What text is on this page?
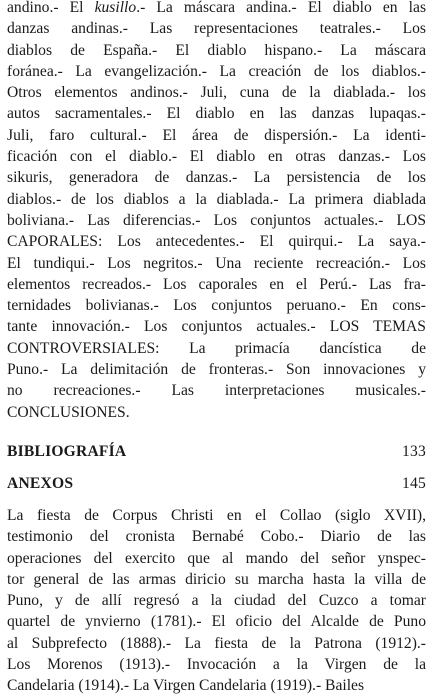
andino.- El kusillo.- La máscara andina.- El diablo en las
danzas andinas.- Las representaciones teatrales.- Los
diablos de España.- El diablo hispano.- La máscara
foránea.- La evangelización.- La creación de los diablos.-
Otros elementos andinos.- Juli, cuna de la diablada.- los
autos sacramentales.- El diablo en las danzas lupaqas.-
Juli, faro cultural.- El área de dispersión.- La identi-
ficación con el diablo.- El diablo en otras danzas.- Los
sikuris, generadora de danzas.- La persistencia de los
diablos.- de los diablos a la diablada.- La primera diablada
boliviana.- Las diferencias.- Los conjuntos actuales.- LOS
CAPORALES: Los antecedentes.- El quirqui.- La saya.-
El tundiqui.- Los negritos.- Una reciente recreación.- Los
elementos recreados.- Los caporales en el Perú.- Las fra-
ternidades bolivianas.- Los conjuntos peruano.- En cons-
tante innovación.- Los conjuntos actuales.- LOS TEMAS
CONTROVERSIALES: La primacía dancística de
Puno.- La delimitación de fronteras.- Son innovaciones y
no recreaciones.- Las interpretaciones musicales.-
CONCLUSIONES.
BIBLIOGRAFÍA	133
ANEXOS	145
La fiesta de Corpus Christi en el Collao (siglo XVII),
testimonio del cronista Bernabé Cobo.- Diario de las
operaciones del exercito que al mando del señor ynspec-
tor general de las armas diricio su marcha hasta la villa de
Puno, y de allí regresó a la ciudad del Cuzco a tomar
quartel de ynvierno (1781).- El oficio del Alcalde de Puno
al Subprefecto (1888).- La fiesta de la Patrona (1912).-
Los Morenos (1913).- Invocación a la Virgen de la
Candelaria (1914).- La Virgen Candelaria (1919).- Bailes
